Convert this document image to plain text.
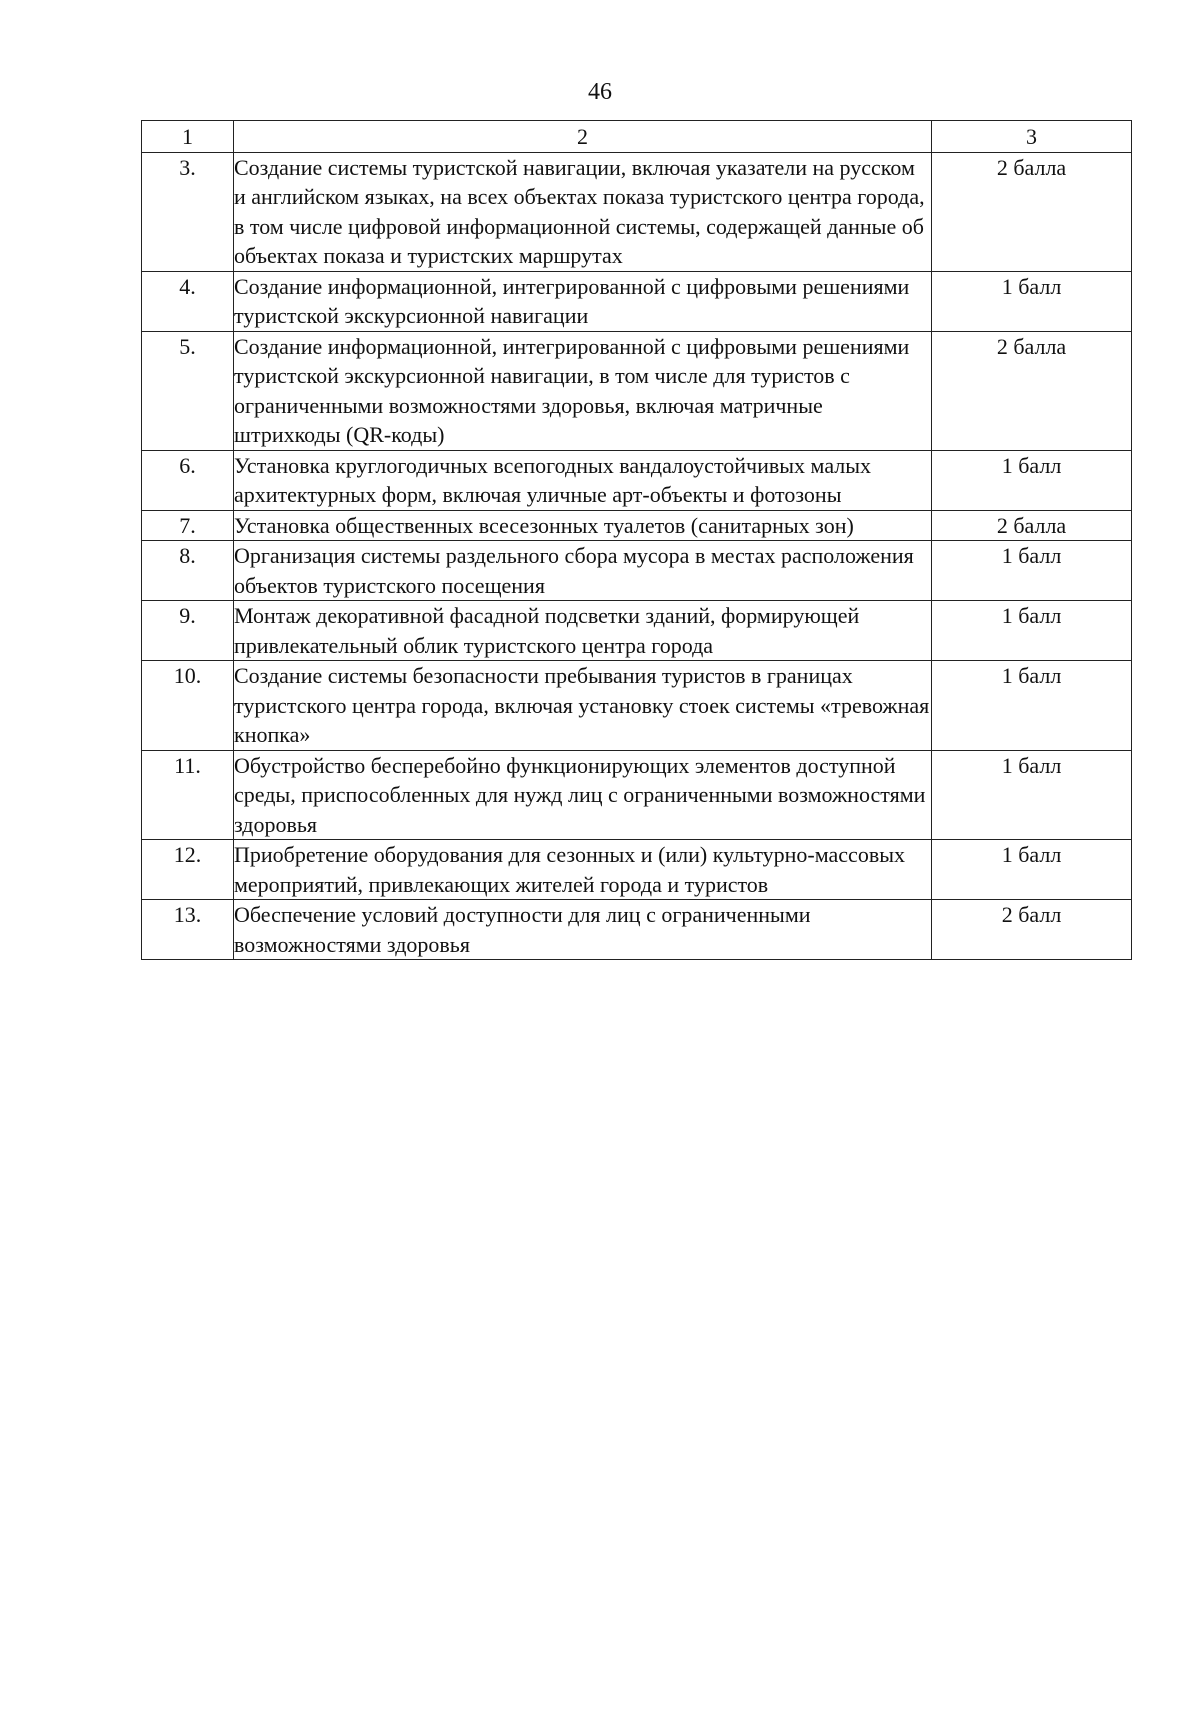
46
1	2	3
3.	Создание системы туристской навигации, включая указатели на русском и английском языках, на всех объектах показа туристского центра города, в том числе цифровой информационной системы, содержащей данные об объектах показа и туристских маршрутах	2 балла
4.	Создание информационной, интегрированной с цифровыми решениями туристской экскурсионной навигации	1 балл
5.	Создание информационной, интегрированной с цифровыми решениями туристской экскурсионной навигации, в том числе для туристов с ограниченными возможностями здоровья, включая матричные штрихкоды (QR-коды)	2 балла
6.	Установка круглогодичных всепогодных вандалоустойчивых малых архитектурных форм, включая уличные арт-объекты и фотозоны	1 балл
7.	Установка общественных всесезонных туалетов (санитарных зон)	2 балла
8.	Организация системы раздельного сбора мусора в местах расположения объектов туристского посещения	1 балл
9.	Монтаж декоративной фасадной подсветки зданий, формирующей привлекательный облик туристского центра города	1 балл
10.	Создание системы безопасности пребывания туристов в границах туристского центра города, включая установку стоек системы «тревожная кнопка»	1 балл
11.	Обустройство бесперебойно функционирующих элементов доступной среды, приспособленных для нужд лиц с ограниченными возможностями здоровья	1 балл
12.	Приобретение оборудования для сезонных и (или) культурно-массовых мероприятий, привлекающих жителей города и туристов	1 балл
13.	Обеспечение условий доступности для лиц с ограниченными возможностями здоровья	2 балл
